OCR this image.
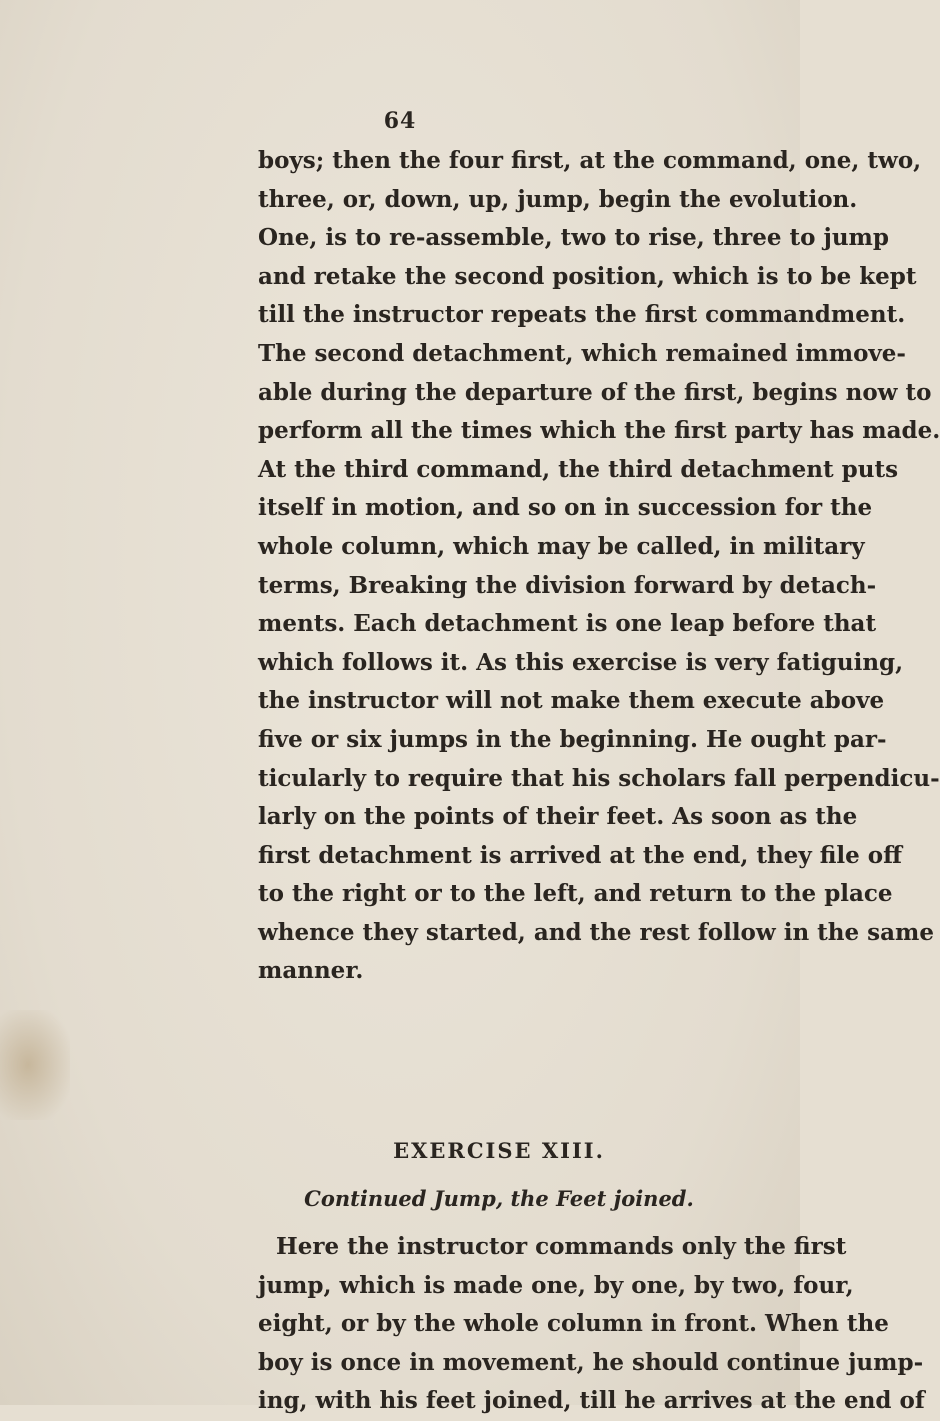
64
boys; then the four first, at the command, one, two,
three, or, down, up, jump, begin the evolution.
One, is to re-assemble, two to rise, three to jump
and retake the second position, which is to be kept
till the instructor repeats the first commandment.
The second detachment, which remained immove-
able during the departure of the first, begins now to
perform all the times which the first party has made.
At the third command, the third detachment puts
itself in motion, and so on in succession for the
whole column, which may be called, in military
terms, Breaking the division forward by detach-
ments. Each detachment is one leap before that
which follows it. As this exercise is very fatiguing,
the instructor will not make them execute above
five or six jumps in the beginning. He ought par-
ticularly to require that his scholars fall perpendicu-
larly on the points of their feet. As soon as the
first detachment is arrived at the end, they file off
to the right or to the left, and return to the place
whence they started, and the rest follow in the same
manner.
EXERCISE XIII.
Continued Jump, the Feet joined.
Here the instructor commands only the first
jump, which is made one, by one, by two, four,
eight, or by the whole column in front. When the
boy is once in movement, he should continue jump-
ing, with his feet joined, till he arrives at the end of
